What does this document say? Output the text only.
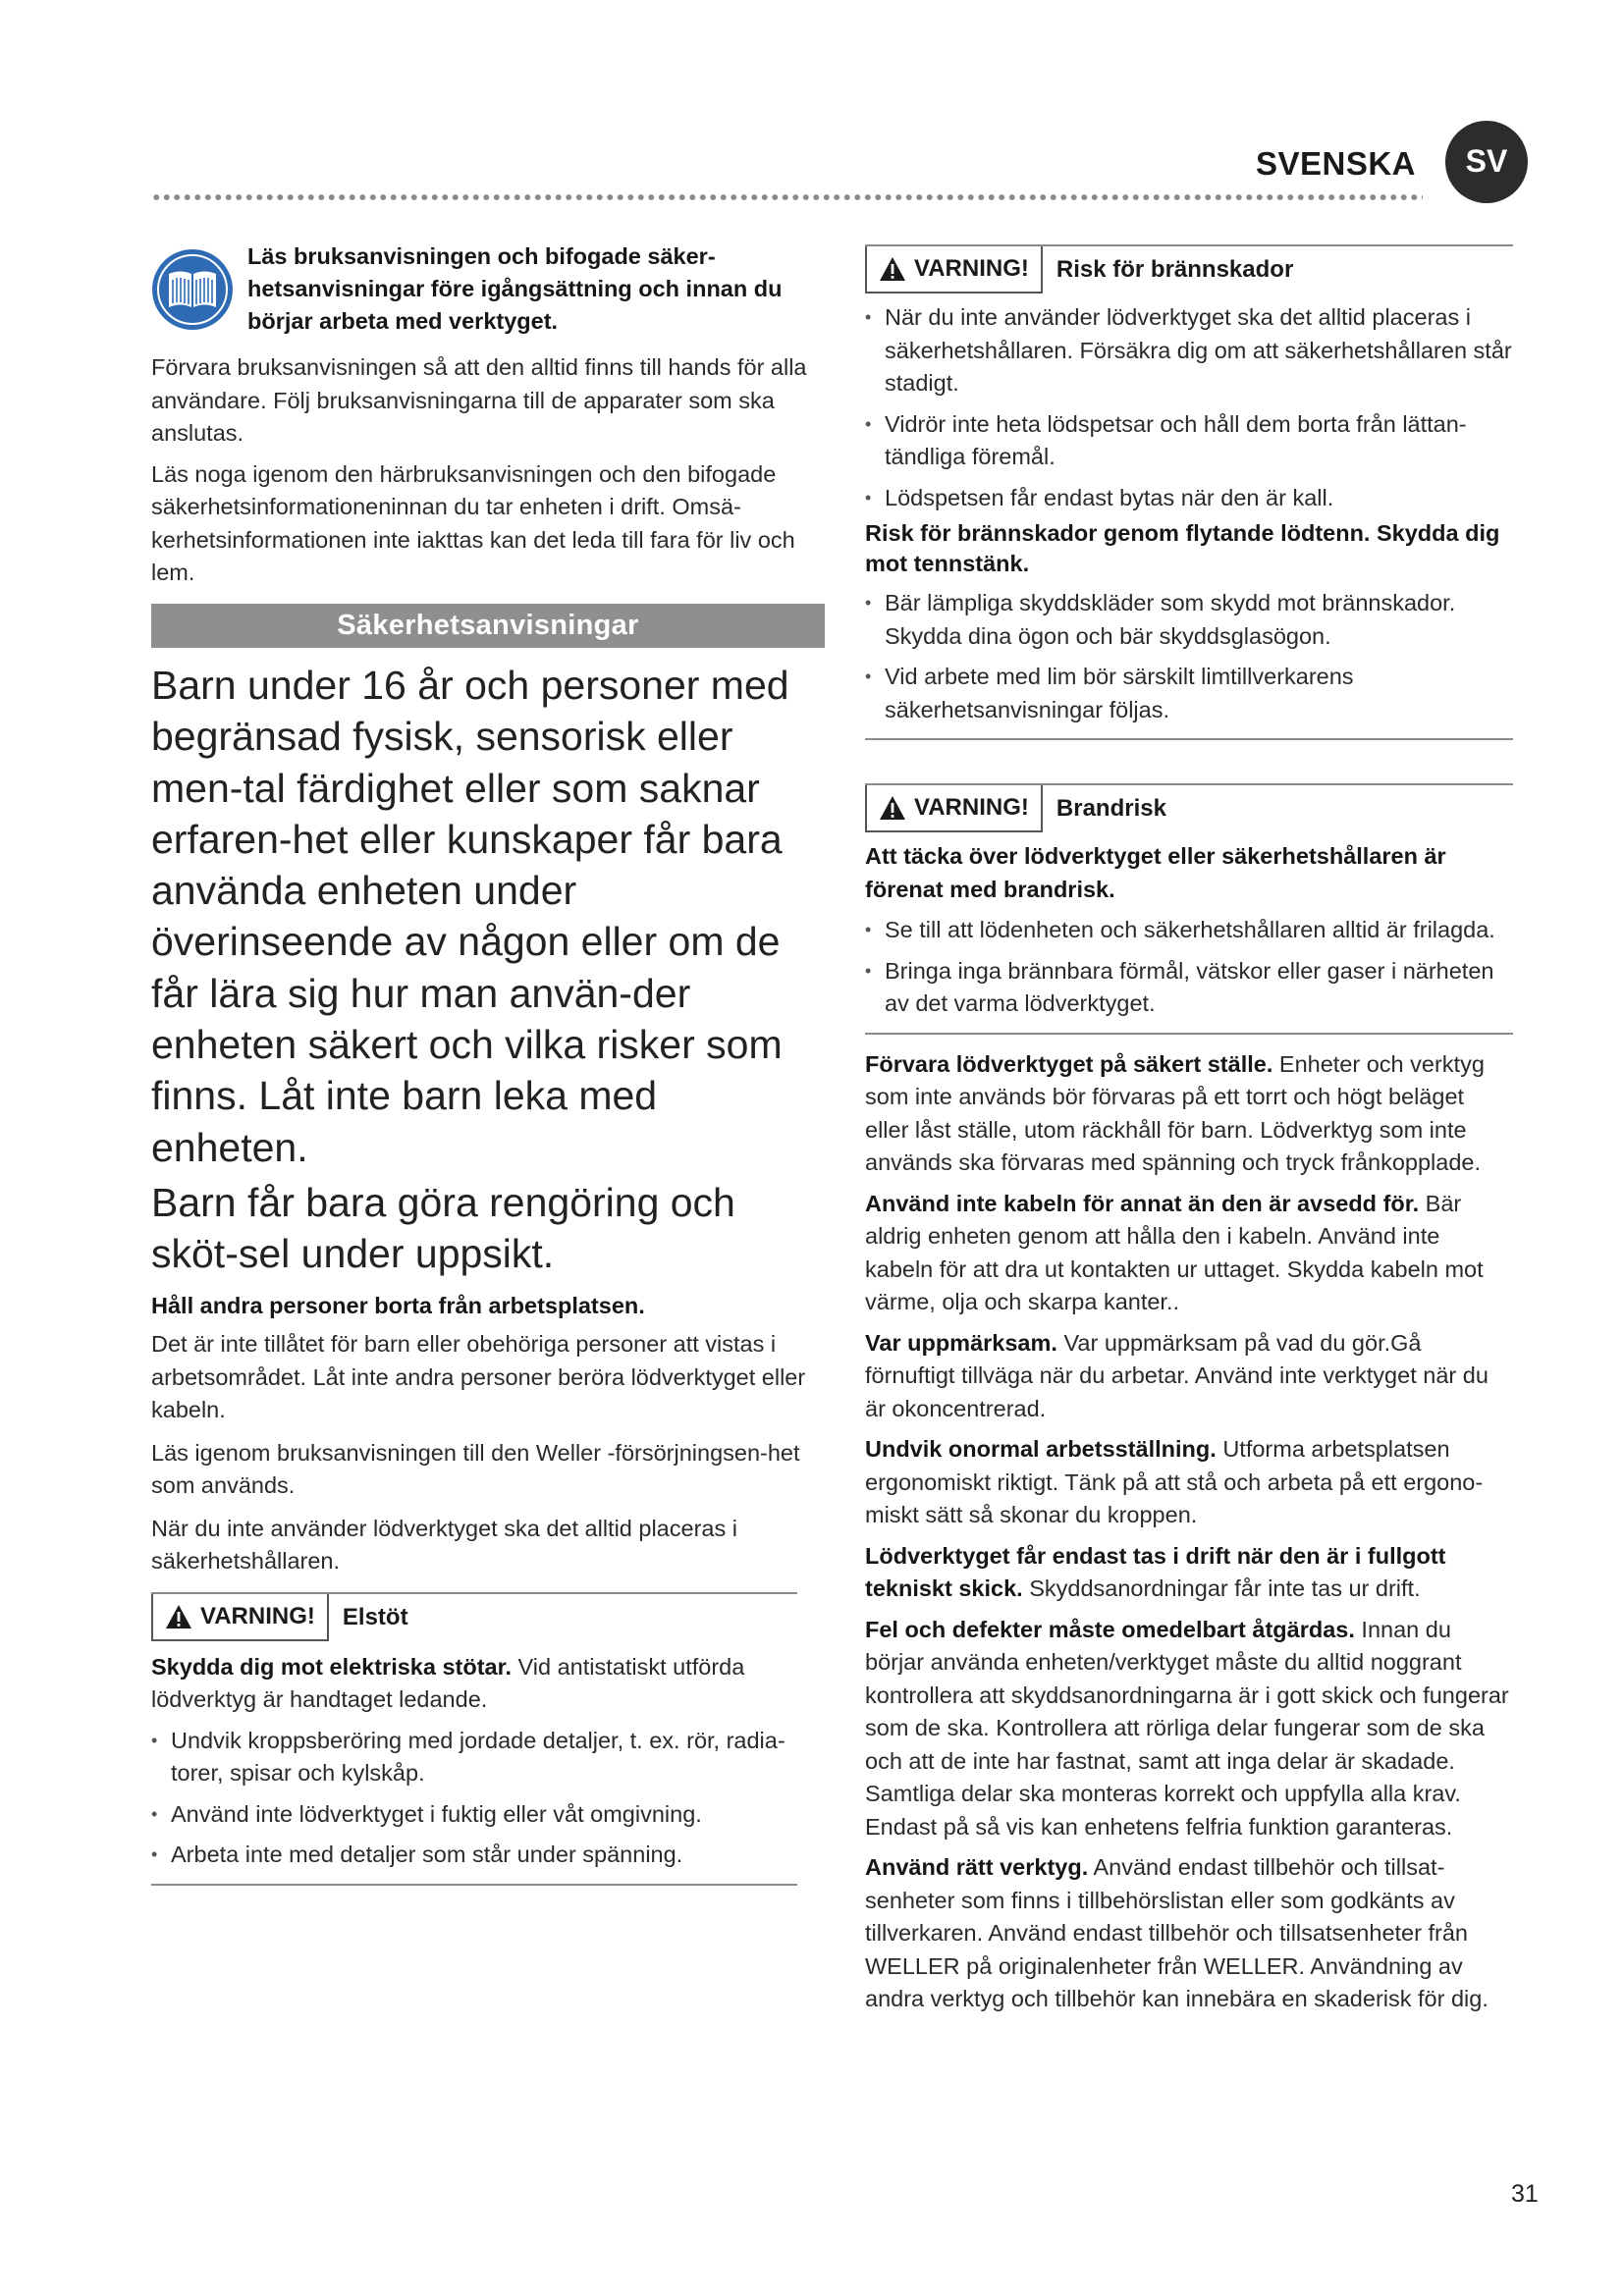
SVENSKA	SV

Läs bruksanvisningen och bifogade säker-hetsanvisningar före igångsättning och innan du börjar arbeta med verktyget.

Förvara bruksanvisningen så att den alltid finns till hands för alla användare. Följ bruksanvisningarna till de apparater som ska anslutas.

Läs noga igenom den härbruksanvisningen och den bifogade säkerhetsinformationeninnan du tar enheten i drift. Omsä-kerhetsinformationen inte iakttas kan det leda till fara för liv och lem.

Säkerhetsanvisningar

Barn under 16 år och personer med begränsad fysisk, sensorisk eller men-tal färdighet eller som saknar erfaren-het eller kunskaper får bara använda enheten under överinseende av någon eller om de får lära sig hur man använ-der enheten säkert och vilka risker som finns. Låt inte barn leka med enheten.

Barn får bara göra rengöring och sköt-sel under uppsikt.

Håll andra personer borta från arbetsplatsen.

Det är inte tillåtet för barn eller obehöriga personer att vistas i arbetsområdet. Låt inte andra personer beröra lödverktyget eller kabeln.

Läs igenom bruksanvisningen till den Weller -försörjningsen-het som används.

När du inte använder lödverktyget ska det alltid placeras i säkerhetshållaren.

VARNING!	Elstöt

Skydda dig mot elektriska stötar. Vid antistatiskt utförda lödverktyg är handtaget ledande.

• Undvik kroppsberöring med jordade detaljer, t. ex. rör, radia- torer, spisar och kylskåp.
• Använd inte lödverktyget i fuktig eller våt omgivning.
• Arbeta inte med detaljer som står under spänning.
VARNING!	Risk för brännskador
• När du inte använder lödverktyget ska det alltid placeras i säkerhetshållaren. Försäkra dig om att säkerhetshållaren står stadigt.
• Vidrör inte heta lödspetsar och håll dem borta från lättan-tändliga föremål.
• Lödspetsen får endast bytas när den är kall.

Risk för brännskador genom flytande lödtenn. Skydda dig mot tennstänk.

• Bär lämpliga skyddskläder som skydd mot brännskador. Skydda dina ögon och bär skyddsglasögon.
• Vid arbete med lim bör särskilt limtillverkarens säkerhetsanvisningar följas.
VARNING!	Brandrisk

Att täcka över lödverktyget eller säkerhetshållaren är förenat med brandrisk.

• Se till att lödenheten och säkerhetshållaren alltid är frilagda.
• Bringa inga brännbara förmål, vätskor eller gaser i närheten av det varma lödverktyget.

Förvara lödverktyget på säkert ställe. Enheter och verktyg som inte används bör förvaras på ett torrt och högt beläget eller låst ställe, utom räckhåll för barn. Lödverktyg som inte används ska förvaras med spänning och tryck frånkopplade.

Använd inte kabeln för annat än den är avsedd för. Bär aldrig enheten genom att hålla den i kabeln. Använd inte kabeln för att dra ut kontakten ur uttaget. Skydda kabeln mot värme, olja och skarpa kanter..

Var uppmärksam. Var uppmärksam på vad du gör.Gå förnuftigt tillväga när du arbetar. Använd inte verktyget när du är okoncentrerad.

Undvik onormal arbetsställning. Utforma arbetsplatsen ergonomiskt riktigt. Tänk på att stå och arbeta på ett ergono-miskt sätt så skonar du kroppen.

Lödverktyget får endast tas i drift när den är i fullgott tekniskt skick. Skyddsanordningar får inte tas ur drift.

Fel och defekter måste omedelbart åtgärdas. Innan du börjar använda enheten/verktyget måste du alltid noggrant kontrollera att skyddsanordningarna är i gott skick och fungerar som de ska. Kontrollera att rörliga delar fungerar som de ska och att de inte har fastnat, samt att inga delar är skadade. Samtliga delar ska monteras korrekt och uppfylla alla krav. Endast på så vis kan enhetens felfria funktion garanteras.

Använd rätt verktyg. Använd endast tillbehör och tillsat-senheter som finns i tillbehörslistan eller som godkänts av tillverkaren. Använd endast tillbehör och tillsatsenheter från WELLER på originalenheter från WELLER. Användning av andra verktyg och tillbehör kan innebära en skaderisk för dig.

31
